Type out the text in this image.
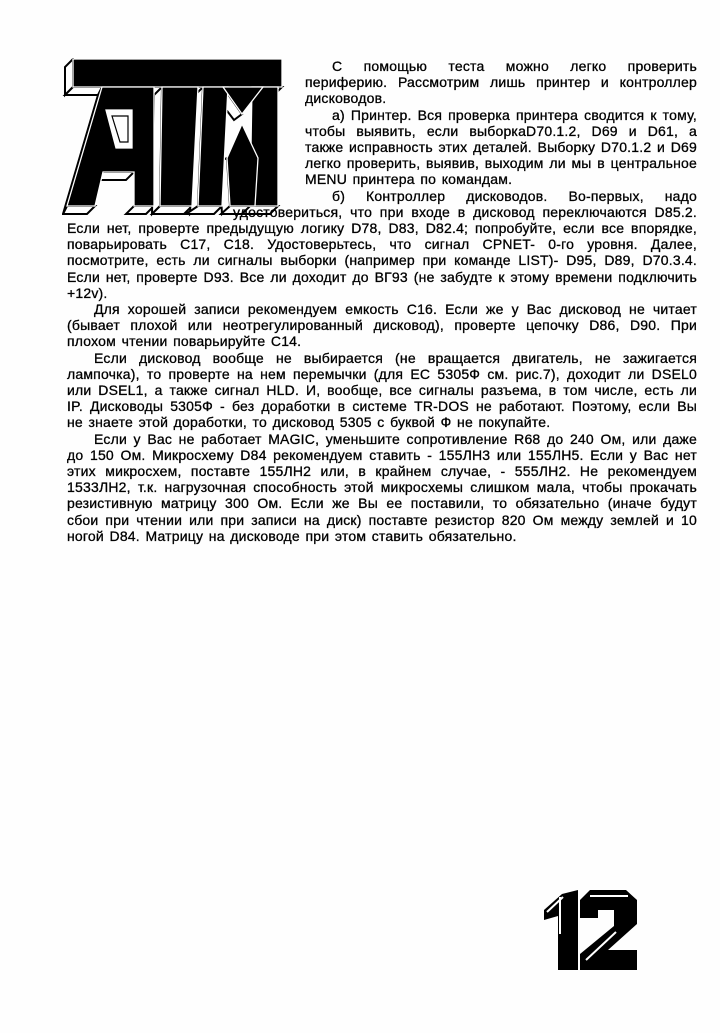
С помощью теста можно легко проверить периферию. Рассмотрим лишь принтер и контроллер дисководов.

а) Принтер. Вся проверка принтера сводится к тому, чтобы выявить, если выборкаD70.1.2, D69 и D61, а также исправность этих деталей. Выборку D70.1.2 и D69 легко проверить, выявив, выходим ли мы в центральное MENU принтера по командам.

б) Контроллер дисководов. Во-первых, надо удостовериться, что при входе в дисковод переключаются D85.2. Если нет, проверте предыдущую логику D78, D83, D82.4; попробуйте, если все впорядке, поварьировать C17, C18. Удостоверьтесь, что сигнал CPNET- 0-го уровня. Далее, посмотрите, есть ли сигналы выборки (например при команде LIST)- D95, D89, D70.3.4. Если нет, проверте D93. Все ли доходит до ВГ93 (не забудте к этому времени подключить +12v).

Для хорошей записи рекомендуем емкость C16. Если же у Вас дисковод не читает (бывает плохой или неотрегулированный дисковод), проверте цепочку D86, D90. При плохом чтении поварьируйте C14.

Если дисковод вообще не выбирается (не вращается двигатель, не зажигается лампочка), то проверте на нем перемычки (для ЕС 5305Ф см. рис.7), доходит ли DSEL0 или DSEL1, а также сигнал HLD. И, вообще, все сигналы разъема, в том числе, есть ли IP. Дисководы 5305Ф - без доработки в системе TR-DOS не работают. Поэтому, если Вы не знаете этой доработки, то дисковод 5305 с буквой Ф не покупайте.

Если у Вас не работает MAGIC, уменьшите сопротивление R68 до 240 Ом, или даже до 150 Ом. Микросхему D84 рекомендуем ставить - 155ЛН3 или 155ЛН5. Если у Вас нет этих микросхем, поставте 155ЛН2 или, в крайнем случае, - 555ЛН2. Не рекомендуем 1533ЛН2, т.к. нагрузочная способность этой микросхемы слишком мала, чтобы прокачать резистивную матрицу 300 Ом. Если же Вы ее поставили, то обязательно (иначе будут сбои при чтении или при записи на диск) поставте резистор 820 Ом между землей и 10 ногой D84. Матрицу на дисководе при этом ставить обязательно.
